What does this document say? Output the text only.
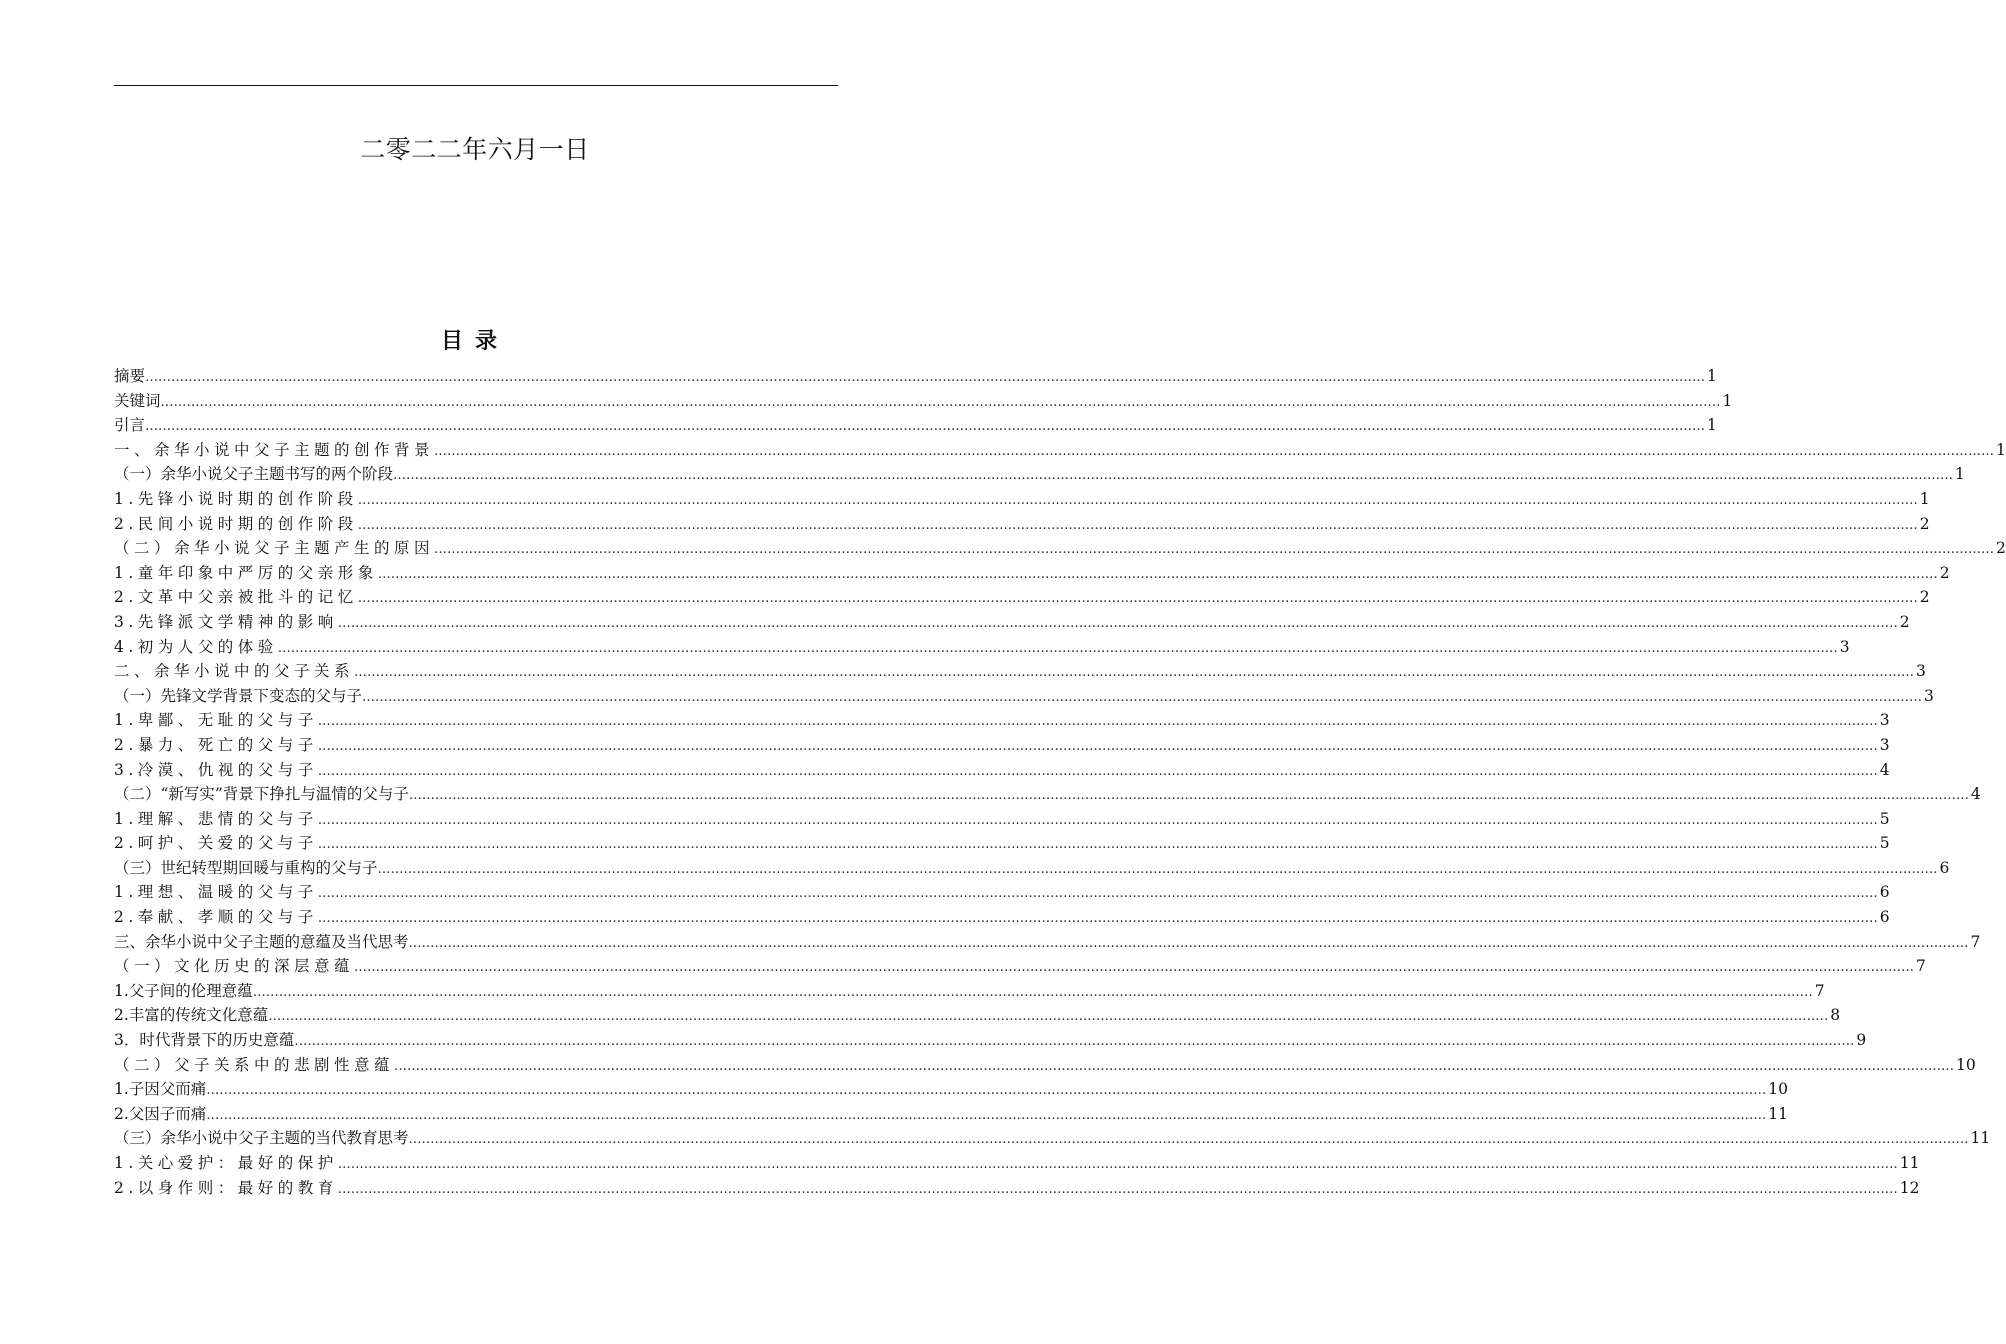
二零二二年六月一日
目录
摘要 ……………………………………………………………………………………………………………………………………………………………………………………………………………………………………………………………………………………………………………………………… 1
关键词 ……………………………………………………………………………………………………………………………………………………………………………………………………………………………………………………………………………………………………………………………… 1
引言 ……………………………………………………………………………………………………………………………………………………………………………………………………………………………………………………………………………………………………………………………… 1
一、余华小说中父子主题的创作背景 ……………………………………………………………………………………………………………………………………………………………………………………………………………………………………………………………………………………………………………………………… 1
（一）余华小说父子主题书写的两个阶段 ……………………………………………………………………………………………………………………………………………………………………………………………………………………………………………………………………………………………………………………………… 1
1.先锋小说时期的创作阶段 ……………………………………………………………………………………………………………………………………………………………………………………………………………………………………………………………………………………………………………………………… 1
2.民间小说时期的创作阶段 ……………………………………………………………………………………………………………………………………………………………………………………………………………………………………………………………………………………………………………………………… 2
（二）余华小说父子主题产生的原因 ……………………………………………………………………………………………………………………………………………………………………………………………………………………………………………………………………………………………………………………………… 2
1.童年印象中严厉的父亲形象 ……………………………………………………………………………………………………………………………………………………………………………………………………………………………………………………………………………………………………………………………… 2
2.文革中父亲被批斗的记忆 ……………………………………………………………………………………………………………………………………………………………………………………………………………………………………………………………………………………………………………………………… 2
3.先锋派文学精神的影响 ……………………………………………………………………………………………………………………………………………………………………………………………………………………………………………………………………………………………………………………………… 2
4.初为人父的体验 ……………………………………………………………………………………………………………………………………………………………………………………………………………………………………………………………………………………………………………………………… 3
二、余华小说中的父子关系 ……………………………………………………………………………………………………………………………………………………………………………………………………………………………………………………………………………………………………………………………… 3
（一）先锋文学背景下变态的父与子 ……………………………………………………………………………………………………………………………………………………………………………………………………………………………………………………………………………………………………………………………… 3
1.卑鄙、无耻的父与子 ……………………………………………………………………………………………………………………………………………………………………………………………………………………………………………………………………………………………………………………………… 3
2.暴力、死亡的父与子 ……………………………………………………………………………………………………………………………………………………………………………………………………………………………………………………………………………………………………………………………… 3
3.冷漠、仇视的父与子 ……………………………………………………………………………………………………………………………………………………………………………………………………………………………………………………………………………………………………………………………… 4
（二）“新写实”背景下挣扎与温情的父与子 ……………………………………………………………………………………………………………………………………………………………………………………………………………………………………………………………………………………………………………………………… 4
1.理解、悲情的父与子 ……………………………………………………………………………………………………………………………………………………………………………………………………………………………………………………………………………………………………………………………… 5
2.呵护、关爱的父与子 ……………………………………………………………………………………………………………………………………………………………………………………………………………………………………………………………………………………………………………………………… 5
（三）世纪转型期回暖与重构的父与子 ……………………………………………………………………………………………………………………………………………………………………………………………………………………………………………………………………………………………………………………………… 6
1.理想、温暖的父与子 ……………………………………………………………………………………………………………………………………………………………………………………………………………………………………………………………………………………………………………………………… 6
2.奉献、孝顺的父与子 ……………………………………………………………………………………………………………………………………………………………………………………………………………………………………………………………………………………………………………………………… 6
三、余华小说中父子主题的意蕴及当代思考 ……………………………………………………………………………………………………………………………………………………………………………………………………………………………………………………………………………………………………………………………… 7
（一）文化历史的深层意蕴 ……………………………………………………………………………………………………………………………………………………………………………………………………………………………………………………………………………………………………………………………… 7
1.父子间的伦理意蕴 ……………………………………………………………………………………………………………………………………………………………………………………………………………………………………………………………………………………………………………………………… 7
2.丰富的传统文化意蕴 ……………………………………………………………………………………………………………………………………………………………………………………………………………………………………………………………………………………………………………………………… 8
3．时代背景下的历史意蕴 ……………………………………………………………………………………………………………………………………………………………………………………………………………………………………………………………………………………………………………………………… 9
（二）父子关系中的悲剧性意蕴 ……………………………………………………………………………………………………………………………………………………………………………………………………………………………………………………………………………………………………………………………… 10
1.子因父而痛 ……………………………………………………………………………………………………………………………………………………………………………………………………………………………………………………………………………………………………………………………… 10
2.父因子而痛 ……………………………………………………………………………………………………………………………………………………………………………………………………………………………………………………………………………………………………………………………… 11
（三）余华小说中父子主题的当代教育思考 ……………………………………………………………………………………………………………………………………………………………………………………………………………………………………………………………………………………………………………………………… 11
1.关心爱护：最好的保护 ……………………………………………………………………………………………………………………………………………………………………………………………………………………………………………………………………………………………………………………………… 11
2.以身作则：最好的教育 ……………………………………………………………………………………………………………………………………………………………………………………………………………………………………………………………………………………………………………………………… 12
